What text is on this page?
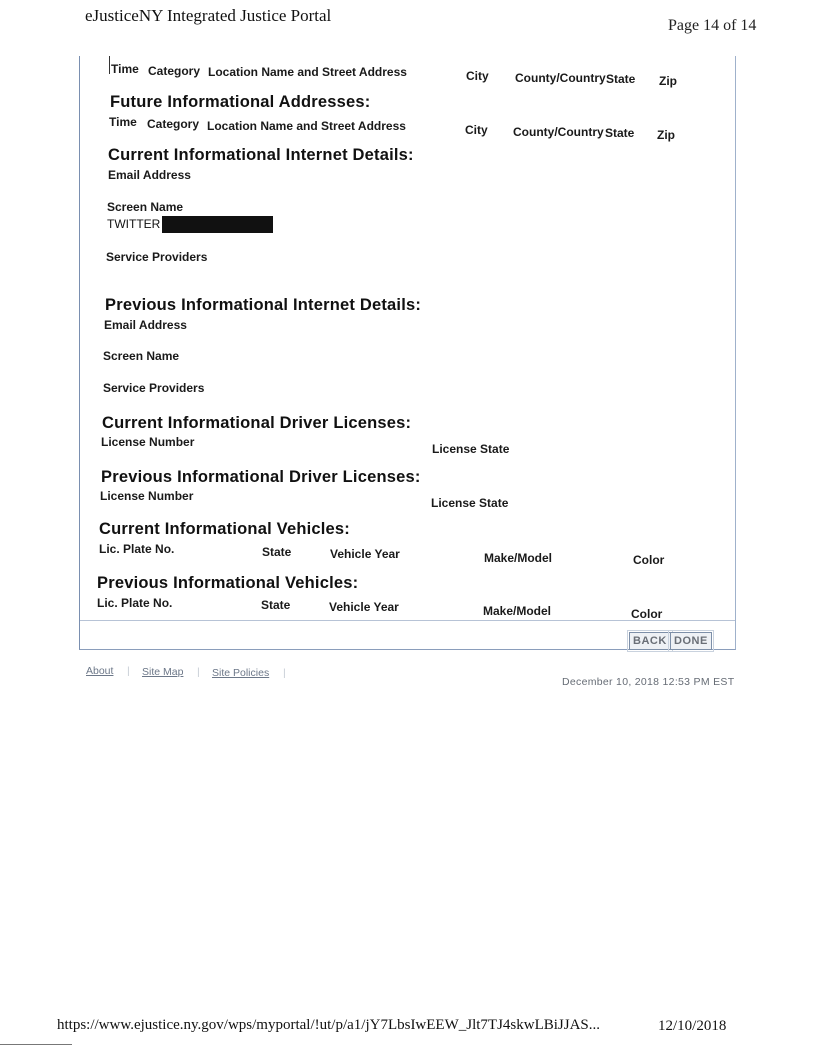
eJusticeNY Integrated Justice Portal
Page 14 of 14
Time Category Location Name and Street Address	City County/Country State Zip
Future Informational Addresses:
Time Category Location Name and Street Address	City County/Country State Zip
Current Informational Internet Details:
Email Address
Screen Name
TWITTER
Service Providers
Previous Informational Internet Details:
Email Address
Screen Name
Service Providers
Current Informational Driver Licenses:
License Number	License State
Previous Informational Driver Licenses:
License Number	License State
Current Informational Vehicles:
Lic. Plate No.	State	Vehicle Year	Make/Model	Color
Previous Informational Vehicles:
Lic. Plate No.	State	Vehicle Year	Make/Model	Color
BACK DONE
About | Site Map | Site Policies |
December 10, 2018 12:53 PM EST
https://www.ejustice.ny.gov/wps/myportal/!ut/p/a1/jY7LbsIwEEW_Jlt7TJ4skwLBiJJAS...	12/10/2018
